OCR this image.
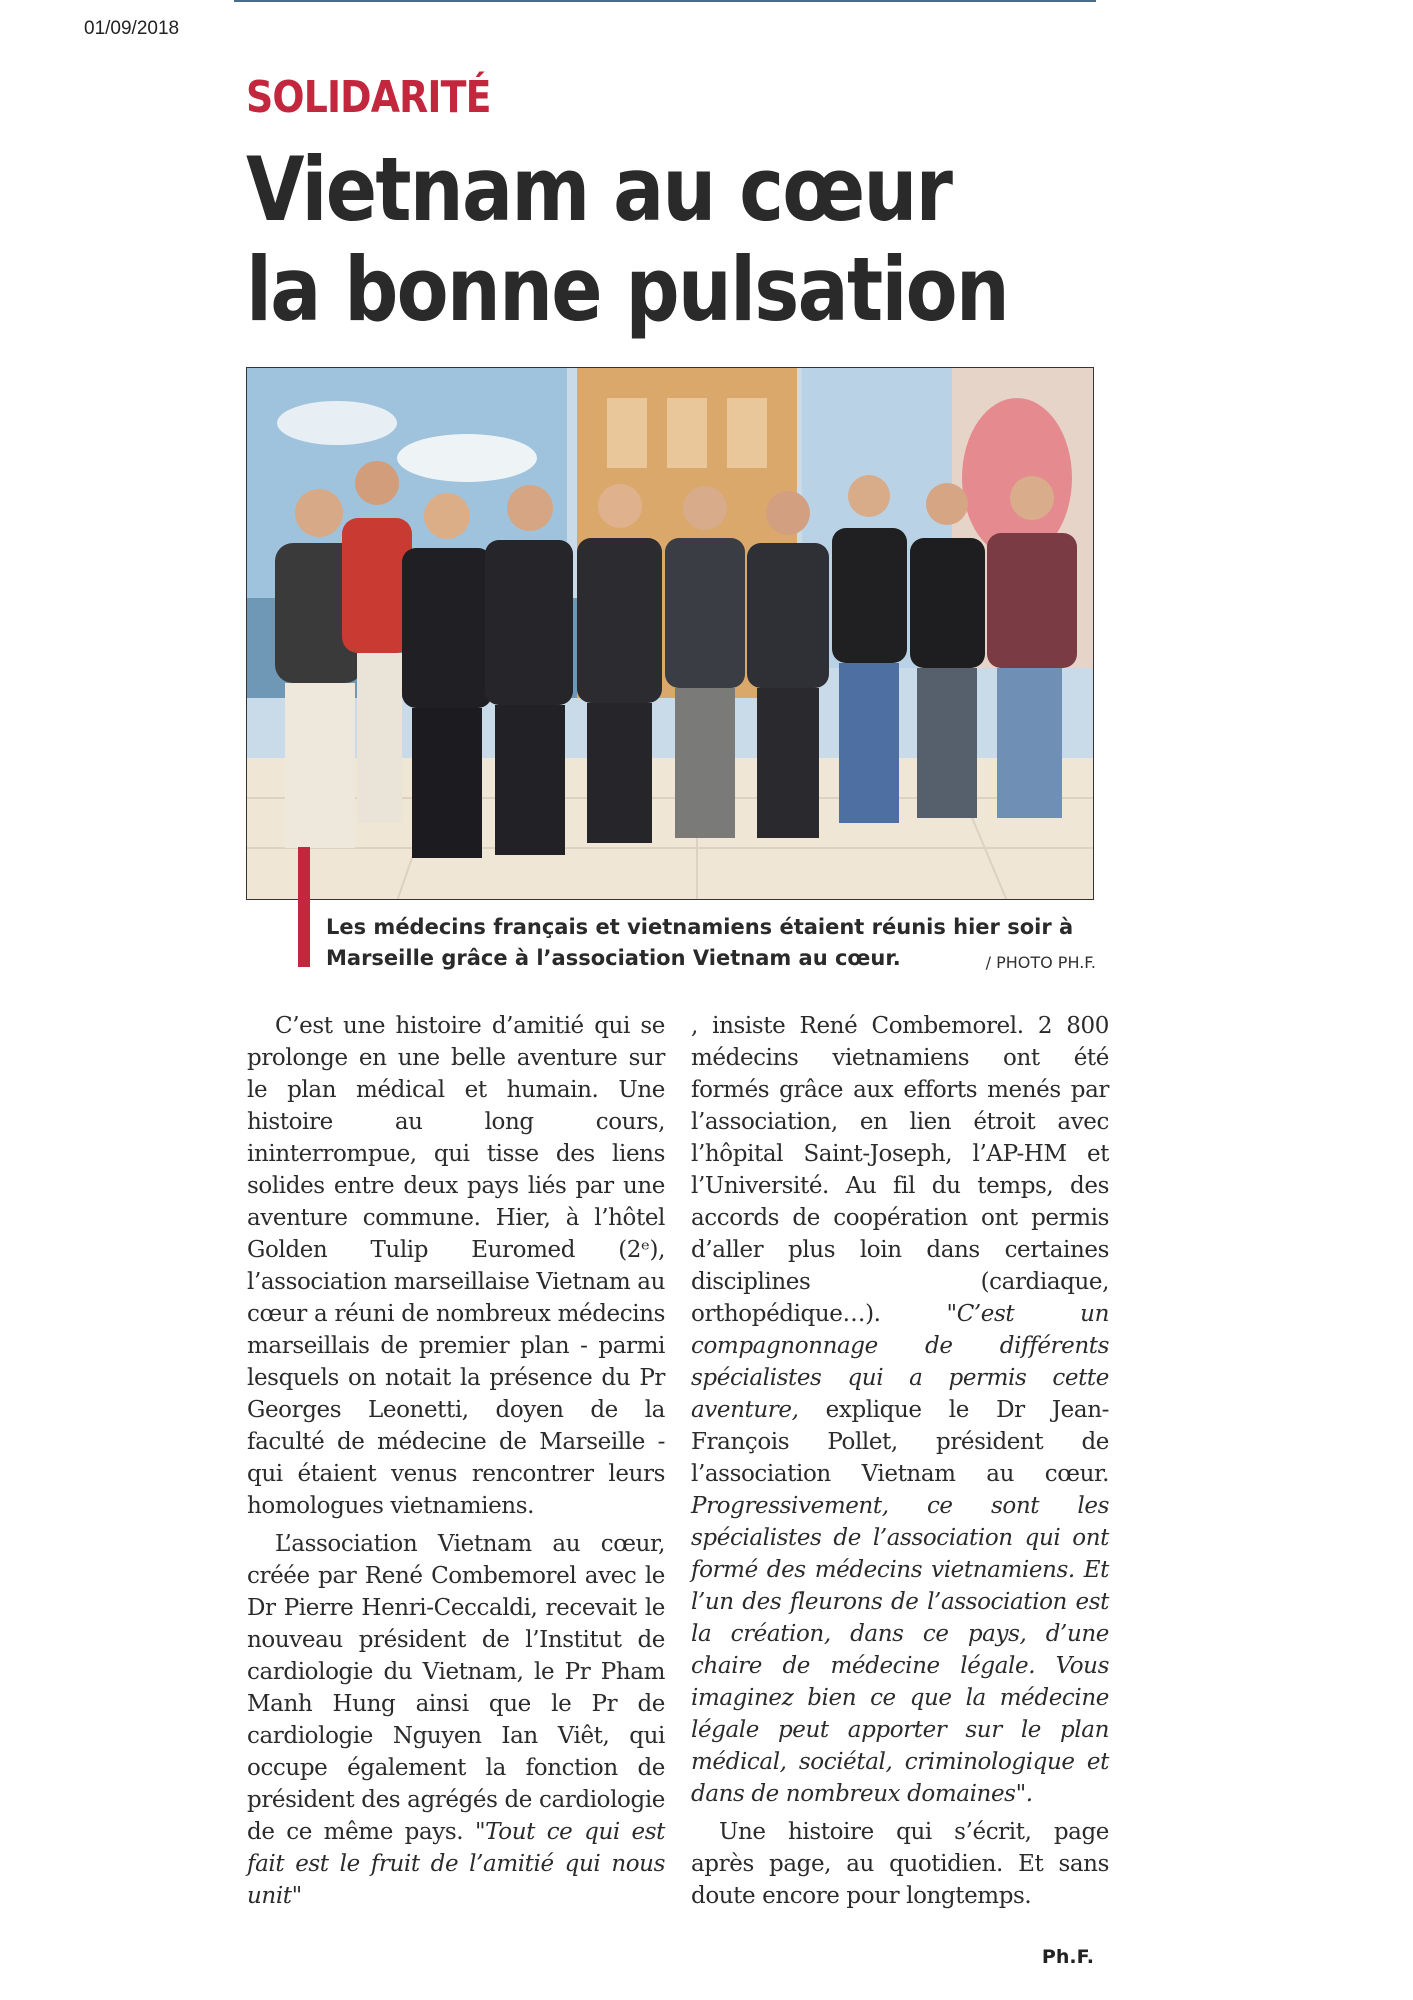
01/09/2018
SOLIDARITÉ
Vietnam au cœur
la bonne pulsation
Les médecins français et vietnamiens étaient réunis hier soir à Marseille grâce à l’association Vietnam au cœur.	/ PHOTO PH.F.

C’est une histoire d’amitié qui se prolonge en une belle aventure sur le plan médical et humain. Une histoire au long cours, ininterrompue, qui tisse des liens solides entre deux pays liés par une aventure commune. Hier, à l’hôtel Golden Tulip Euromed (2ᵉ), l’association marseillaise Vietnam au cœur a réuni de nombreux médecins marseillais de premier plan - parmi lesquels on notait la présence du Pr Georges Leonetti, doyen de la faculté de médecine de Marseille - qui étaient venus rencontrer leurs homologues vietnamiens.

L’association Vietnam au cœur, créée par René Combemorel avec le Dr Pierre Henri-Ceccaldi, recevait le nouveau président de l’Institut de cardiologie du Vietnam, le Pr Pham Manh Hung ainsi que le Pr de cardiologie Nguyen Ian Viêt, qui occupe également la fonction de président des agrégés de cardiologie de ce même pays. "Tout ce qui est fait est le fruit de l’amitié qui nous unit"

, insiste René Combemorel. 2 800 médecins vietnamiens ont été formés grâce aux efforts menés par l’association, en lien étroit avec l’hôpital Saint-Joseph, l’AP-HM et l’Université. Au fil du temps, des accords de coopération ont permis d’aller plus loin dans certaines disciplines (cardiaque, orthopédique…).	"C’est un compagnonnage de différents spécialistes qui a permis cette aventure, explique le Dr Jean-François Pollet, président de l’association Vietnam au cœur. Progressivement, ce sont les spécialistes de l’association qui ont formé des médecins vietnamiens. Et l’un des fleurons de l’association est la création, dans ce pays, d’une chaire de médecine légale. Vous imaginez bien ce que la médecine légale peut apporter sur le plan médical, sociétal, criminologique et dans de nombreux domaines".

Une histoire qui s’écrit, page après page, au quotidien. Et sans doute encore pour longtemps.

Ph.F.
